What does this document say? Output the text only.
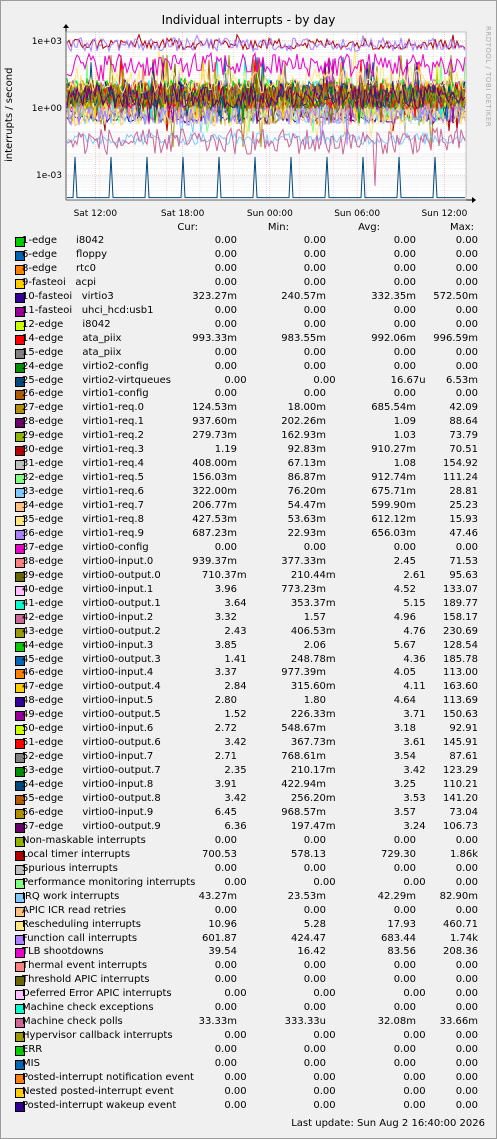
Individual interrupts - by day
RRDTOOL / TOBI OETIKER
interrupts / second
1e+03
1e+00
1e-03
Sat 12:00	Sat 18:00	Sun 00:00	Sun 06:00	Sun 12:00
Cur:	Min:	Avg:	Max:
1-edge      i8042	0.00	0.00	0.00	0.00
6-edge      floppy	0.00	0.00	0.00	0.00
8-edge      rtc0	0.00	0.00	0.00	0.00
9-fasteoi   acpi	0.00	0.00	0.00	0.00
10-fasteoi   virtio3	323.27m	240.57m	332.35m	572.50m
11-fasteoi   uhci_hcd:usb1	0.00	0.00	0.00	0.00
12-edge      i8042	0.00	0.00	0.00	0.00
14-edge      ata_piix	993.33m	983.55m	992.06m	996.59m
15-edge      ata_piix	0.00	0.00	0.00	0.00
24-edge      virtio2-config	0.00	0.00	0.00	0.00
25-edge      virtio2-virtqueues	0.00	0.00	16.67u	6.53m
26-edge      virtio1-config	0.00	0.00	0.00	0.00
27-edge      virtio1-req.0	124.53m	18.00m	685.54m	42.09
28-edge      virtio1-req.1	937.60m	202.26m	1.09	88.64
29-edge      virtio1-req.2	279.73m	162.93m	1.03	73.79
30-edge      virtio1-req.3	1.19	92.83m	910.27m	70.51
31-edge      virtio1-req.4	408.00m	67.13m	1.08	154.92
32-edge      virtio1-req.5	156.03m	86.87m	912.74m	111.24
33-edge      virtio1-req.6	322.00m	76.20m	675.71m	28.81
34-edge      virtio1-req.7	206.77m	54.47m	599.90m	25.23
35-edge      virtio1-req.8	427.53m	53.63m	612.12m	15.93
36-edge      virtio1-req.9	687.23m	22.93m	656.03m	47.46
37-edge      virtio0-config	0.00	0.00	0.00	0.00
38-edge      virtio0-input.0	939.37m	377.33m	2.45	71.53
39-edge      virtio0-output.0	710.37m	210.44m	2.61	95.63
40-edge      virtio0-input.1	3.96	773.23m	4.52	133.07
41-edge      virtio0-output.1	3.64	353.37m	5.15	189.77
42-edge      virtio0-input.2	3.32	1.57	4.96	158.17
43-edge      virtio0-output.2	2.43	406.53m	4.76	230.69
44-edge      virtio0-input.3	3.85	2.06	5.67	128.54
45-edge      virtio0-output.3	1.41	248.78m	4.36	185.78
46-edge      virtio0-input.4	3.37	977.39m	4.05	113.00
47-edge      virtio0-output.4	2.84	315.60m	4.11	163.60
48-edge      virtio0-input.5	2.80	1.80	4.64	113.69
49-edge      virtio0-output.5	1.52	226.33m	3.71	150.63
50-edge      virtio0-input.6	2.72	548.67m	3.18	92.91
51-edge      virtio0-output.6	3.42	367.73m	3.61	145.91
52-edge      virtio0-input.7	2.71	768.61m	3.54	87.61
53-edge      virtio0-output.7	2.35	210.17m	3.42	123.29
54-edge      virtio0-input.8	3.91	422.94m	3.25	110.21
55-edge      virtio0-output.8	3.42	256.20m	3.53	141.20
56-edge      virtio0-input.9	6.45	968.57m	3.57	73.04
57-edge      virtio0-output.9	6.36	197.47m	3.24	106.73
Non-maskable interrupts	0.00	0.00	0.00	0.00
Local timer interrupts	700.53	578.13	729.30	1.86k
Spurious interrupts	0.00	0.00	0.00	0.00
Performance monitoring interrupts	0.00	0.00	0.00	0.00
IRQ work interrupts	43.27m	23.53m	42.29m	82.90m
APIC ICR read retries	0.00	0.00	0.00	0.00
Rescheduling interrupts	10.96	5.28	17.93	460.71
Function call interrupts	601.87	424.47	683.44	1.74k
TLB shootdowns	39.54	16.42	83.56	208.36
Thermal event interrupts	0.00	0.00	0.00	0.00
Threshold APIC interrupts	0.00	0.00	0.00	0.00
Deferred Error APIC interrupts	0.00	0.00	0.00	0.00
Machine check exceptions	0.00	0.00	0.00	0.00
Machine check polls	33.33m	333.33u	32.08m	33.66m
Hypervisor callback interrupts	0.00	0.00	0.00	0.00
ERR	0.00	0.00	0.00	0.00
MIS	0.00	0.00	0.00	0.00
Posted-interrupt notification event	0.00	0.00	0.00	0.00
Nested posted-interrupt event	0.00	0.00	0.00	0.00
Posted-interrupt wakeup event	0.00	0.00	0.00	0.00
Last update: Sun Aug 2 16:40:00 2026
